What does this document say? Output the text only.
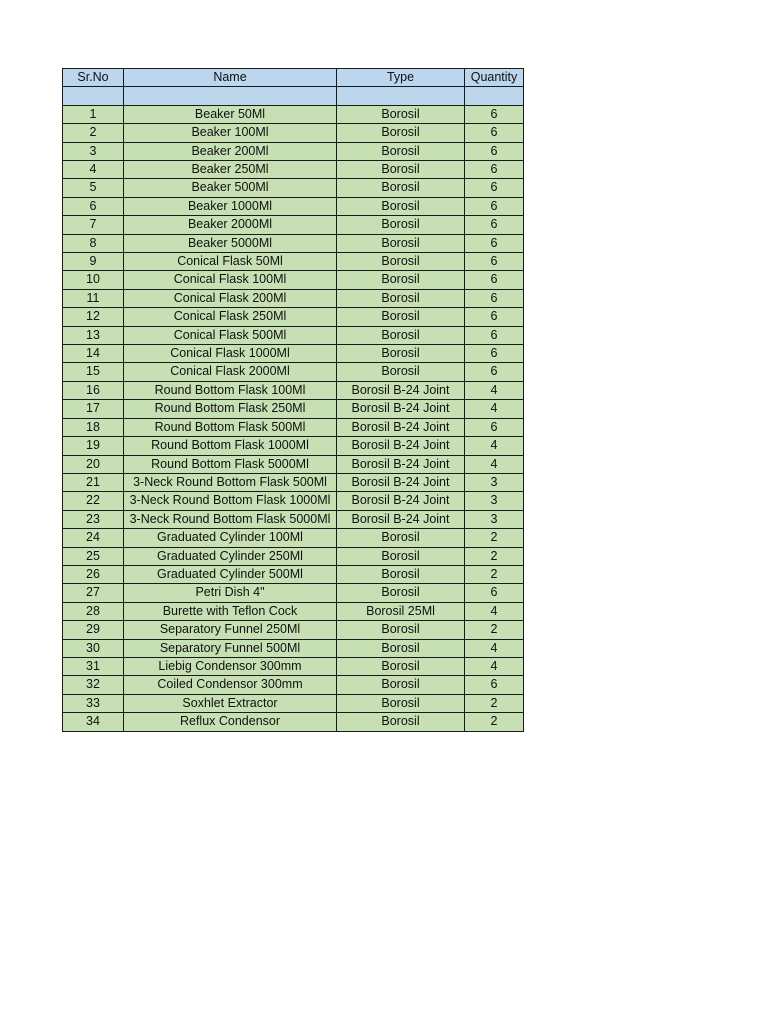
Sr.No	Name	Type	Quantity

1	Beaker 50Ml	Borosil	6
2	Beaker 100Ml	Borosil	6
3	Beaker 200Ml	Borosil	6
4	Beaker 250Ml	Borosil	6
5	Beaker 500Ml	Borosil	6
6	Beaker 1000Ml	Borosil	6
7	Beaker 2000Ml	Borosil	6
8	Beaker 5000Ml	Borosil	6
9	Conical Flask 50Ml	Borosil	6
10	Conical Flask 100Ml	Borosil	6
11	Conical Flask 200Ml	Borosil	6
12	Conical Flask 250Ml	Borosil	6
13	Conical Flask 500Ml	Borosil	6
14	Conical Flask 1000Ml	Borosil	6
15	Conical Flask 2000Ml	Borosil	6
16	Round Bottom Flask 100Ml	Borosil B-24 Joint	4
17	Round Bottom Flask 250Ml	Borosil B-24 Joint	4
18	Round Bottom Flask 500Ml	Borosil B-24 Joint	6
19	Round Bottom Flask 1000Ml	Borosil B-24 Joint	4
20	Round Bottom Flask 5000Ml	Borosil B-24 Joint	4
21	3-Neck Round Bottom Flask 500Ml	Borosil B-24 Joint	3
22	3-Neck Round Bottom Flask 1000Ml	Borosil B-24 Joint	3
23	3-Neck Round Bottom Flask 5000Ml	Borosil B-24 Joint	3
24	Graduated Cylinder 100Ml	Borosil	2
25	Graduated Cylinder 250Ml	Borosil	2
26	Graduated Cylinder 500Ml	Borosil	2
27	Petri Dish 4"	Borosil	6
28	Burette with Teflon Cock	Borosil 25Ml	4
29	Separatory Funnel 250Ml	Borosil	2
30	Separatory Funnel 500Ml	Borosil	4
31	Liebig Condensor 300mm	Borosil	4
32	Coiled Condensor 300mm	Borosil	6
33	Soxhlet Extractor	Borosil	2
34	Reflux Condensor	Borosil	2
